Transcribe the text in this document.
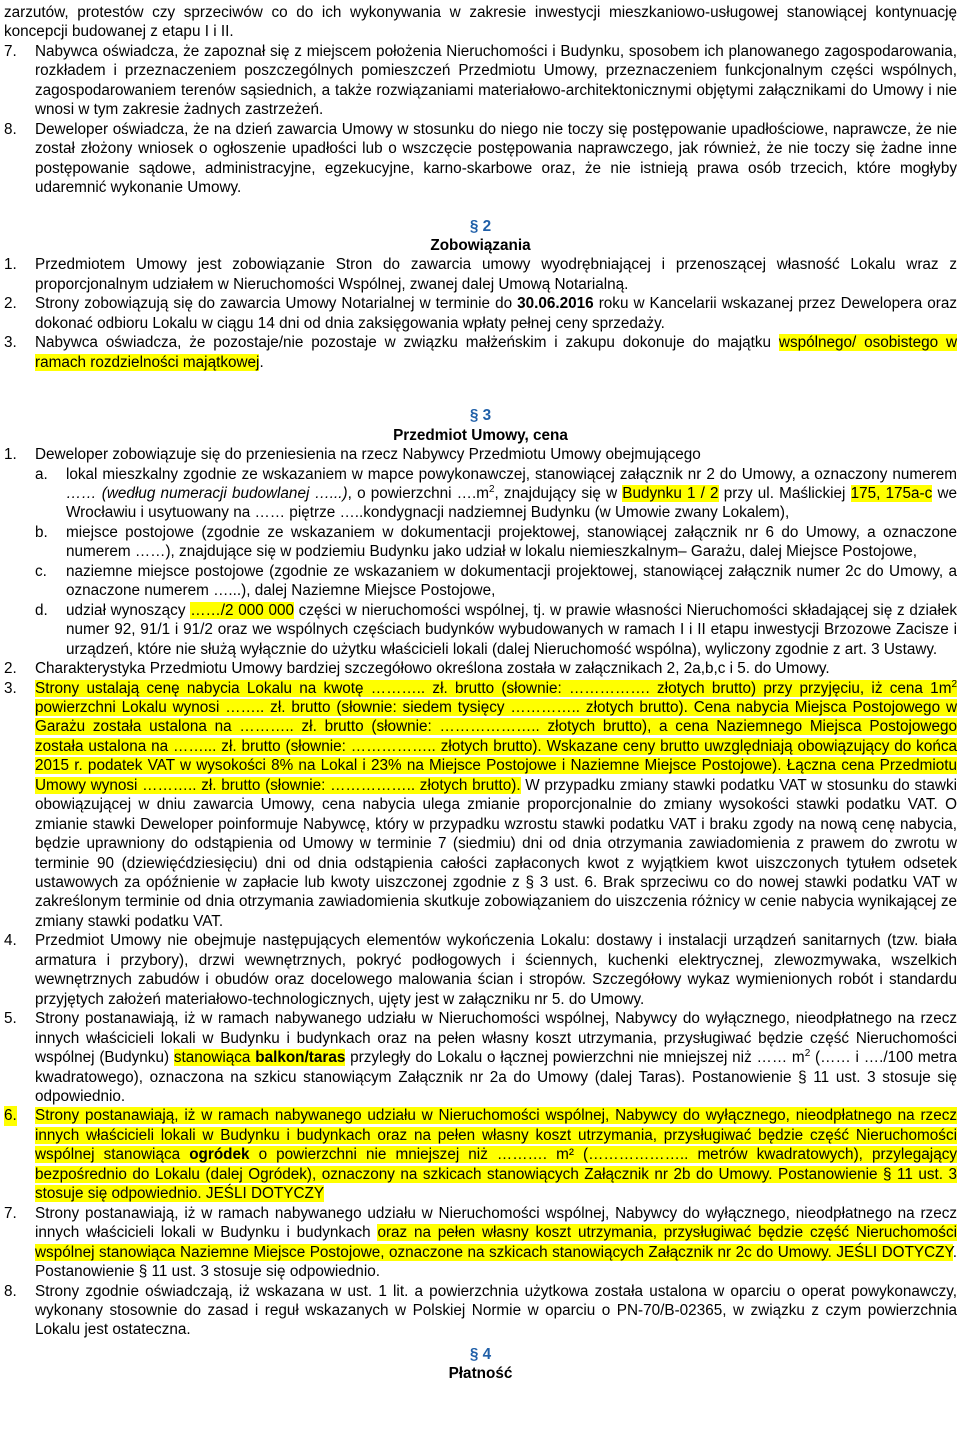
zarzutów, protestów czy sprzeciwów co do ich wykonywania w zakresie inwestycji mieszkaniowo-usługowej stanowiącej kontynuację koncepcji budowanej z etapu I i II.

7. Nabywca oświadcza, że zapoznał się z miejscem położenia Nieruchomości i Budynku, sposobem ich planowanego zagospodarowania, rozkładem i przeznaczeniem poszczególnych pomieszczeń Przedmiotu Umowy, przeznaczeniem funkcjonalnym części wspólnych, zagospodarowaniem terenów sąsiednich, a także rozwiązaniami materiałowo-architektonicznymi objętymi załącznikami do Umowy i nie wnosi w tym zakresie żadnych zastrzeżeń.
8. Deweloper oświadcza, że na dzień zawarcia Umowy w stosunku do niego nie toczy się postępowanie upadłościowe, naprawcze, że nie został złożony wniosek o ogłoszenie upadłości lub o wszczęcie postępowania naprawczego, jak również, że nie toczy się żadne inne postępowanie sądowe, administracyjne, egzekucyjne, karno-skarbowe oraz, że nie istnieją prawa osób trzecich, które mogłyby udaremnić wykonanie Umowy.

§ 2

Zobowiązania

1. Przedmiotem Umowy jest zobowiązanie Stron do zawarcia umowy wyodrębniającej i przenoszącej własność Lokalu wraz z proporcjonalnym udziałem w Nieruchomości Wspólnej, zwanej dalej Umową Notarialną.
2. Strony zobowiązują się do zawarcia Umowy Notarialnej w terminie do 30.06.2016 roku w Kancelarii wskazanej przez Dewelopera oraz dokonać odbioru Lokalu w ciągu 14 dni od dnia zaksięgowania wpłaty pełnej ceny sprzedaży.
3. Nabywca oświadcza, że pozostaje/nie pozostaje w związku małżeńskim i zakupu dokonuje do majątku wspólnego/ osobistego w ramach rozdzielności majątkowej.

§ 3

Przedmiot Umowy, cena

1. Deweloper zobowiązuje się do przeniesienia na rzecz Nabywcy Przedmiotu Umowy obejmującego
a. lokal mieszkalny zgodnie ze wskazaniem w mapce powykonawczej, stanowiącej załącznik nr 2 do Umowy, a oznaczony numerem …… (według numeracji budowlanej …...), o powierzchni $\dots.m^2$, znajdujący się w Budynku 1 / 2 przy ul. Maślickiej 175, 175a-c we Wrocławiu i usytuowany na …… piętrze …..kondygnacji nadziemnej Budynku (w Umowie zwany Lokalem),
b. miejsce postojowe (zgodnie ze wskazaniem w dokumentacji projektowej, stanowiącej załącznik nr 6 do Umowy, a oznaczone numerem ……), znajdujące się w podziemiu Budynku jako udział w lokalu niemieszkalnym– Garażu, dalej Miejsce Postojowe,
c. naziemne miejsce postojowe (zgodnie ze wskazaniem w dokumentacji projektowej, stanowiącej załącznik numer 2c do Umowy, a oznaczone numerem …...), dalej Naziemne Miejsce Postojowe,
d. udział wynoszący ……/2 000 000 części w nieruchomości wspólnej, tj. w prawie własności Nieruchomości składającej się z działek numer 92, 91/1 i 91/2 oraz we wspólnych częściach budynków wybudowanych w ramach I i II etapu inwestycji Brzozowe Zacisze i urządzeń, które nie służą wyłącznie do użytku właścicieli lokali (dalej Nieruchomość wspólna), wyliczony zgodnie z art. 3 Ustawy.
2. Charakterystyka Przedmiotu Umowy bardziej szczegółowo określona została w załącznikach 2, 2a,b,c i 5. do Umowy.
3. Strony ustalają cenę nabycia Lokalu na kwotę ……….. zł. brutto (słownie: ……………. złotych brutto) przy przyjęciu, iż cena $1m^2$ powierzchni Lokalu wynosi …….. zł. brutto (słownie: siedem tysięcy ………….. złotych brutto). Cena nabycia Miejsca Postojowego w Garażu została ustalona na ……….. zł. brutto (słownie: ……………….. złotych brutto), a cena Naziemnego Miejsca Postojowego została ustalona na ……... zł. brutto (słownie: …………….. złotych brutto). Wskazane ceny brutto uwzględniają obowiązujący do końca 2015 r. podatek VAT w wysokości 8% na Lokal i 23% na Miejsce Postojowe i Naziemne Miejsce Postojowe). Łączna cena Przedmiotu Umowy wynosi ……….. zł. brutto (słownie: …………….. złotych brutto). W przypadku zmiany stawki podatku VAT w stosunku do stawki obowiązującej w dniu zawarcia Umowy, cena nabycia ulega zmianie proporcjonalnie do zmiany wysokości stawki podatku VAT. O zmianie stawki Deweloper poinformuje Nabywcę, który w przypadku wzrostu stawki podatku VAT i braku zgody na nową cenę nabycia, będzie uprawniony do odstąpienia od Umowy w terminie 7 (siedmiu) dni od dnia otrzymania zawiadomienia z prawem do zwrotu w terminie 90 (dziewięćdziesięciu) dni od dnia odstąpienia całości zapłaconych kwot z wyjątkiem kwot uiszczonych tytułem odsetek ustawowych za opóźnienie w zapłacie lub kwoty uiszczonej zgodnie z § 3 ust. 6. Brak sprzeciwu co do nowej stawki podatku VAT w zakreślonym terminie od dnia otrzymania zawiadomienia skutkuje zobowiązaniem do uiszczenia różnicy w cenie nabycia wynikającej ze zmiany stawki podatku VAT.
4. Przedmiot Umowy nie obejmuje następujących elementów wykończenia Lokalu: dostawy i instalacji urządzeń sanitarnych (tzw. biała armatura i przybory), drzwi wewnętrznych, pokryć podłogowych i ściennych, kuchenki elektrycznej, zlewozmywaka, wszelkich wewnętrznych zabudów i obudów oraz docelowego malowania ścian i stropów. Szczegółowy wykaz wymienionych robót i standardu przyjętych założeń materiałowo-technologicznych, ujęty jest w załączniku nr 5. do Umowy.
5. Strony postanawiają, iż w ramach nabywanego udziału w Nieruchomości wspólnej, Nabywcy do wyłącznego, nieodpłatnego na rzecz innych właścicieli lokali w Budynku i budynkach oraz na pełen własny koszt utrzymania, przysługiwać będzie część Nieruchomości wspólnej (Budynku) stanowiąca balkon/taras przyległy do Lokalu o łącznej powierzchni nie mniejszej niż …… $m^2$ (…… i …./100 metra kwadratowego), oznaczona na szkicu stanowiącym Załącznik nr 2a do Umowy (dalej Taras). Postanowienie § 11 ust. 3 stosuje się odpowiednio.
6. Strony postanawiają, iż w ramach nabywanego udziału w Nieruchomości wspólnej, Nabywcy do wyłącznego, nieodpłatnego na rzecz innych właścicieli lokali w Budynku i budynkach oraz na pełen własny koszt utrzymania, przysługiwać będzie część Nieruchomości wspólnej stanowiąca ogródek o powierzchni nie mniejszej niż ………. m² (……………….. metrów kwadratowych), przylegający bezpośrednio do Lokalu (dalej Ogródek), oznaczony na szkicach stanowiących Załącznik nr 2b do Umowy. Postanowienie § 11 ust. 3 stosuje się odpowiednio. JEŚLI DOTYCZY
7. Strony postanawiają, iż w ramach nabywanego udziału w Nieruchomości wspólnej, Nabywcy do wyłącznego, nieodpłatnego na rzecz innych właścicieli lokali w Budynku i budynkach oraz na pełen własny koszt utrzymania, przysługiwać będzie część Nieruchomości wspólnej stanowiąca Naziemne Miejsce Postojowe, oznaczone na szkicach stanowiących Załącznik nr 2c do Umowy. JEŚLI DOTYCZY. Postanowienie § 11 ust. 3 stosuje się odpowiednio.
8. Strony zgodnie oświadczają, iż wskazana w ust. 1 lit. a powierzchnia użytkowa została ustalona w oparciu o operat powykonawczy, wykonany stosownie do zasad i reguł wskazanych w Polskiej Normie w oparciu o PN-70/B-02365, w związku z czym powierzchnia Lokalu jest ostateczna.

§ 4

Płatność
